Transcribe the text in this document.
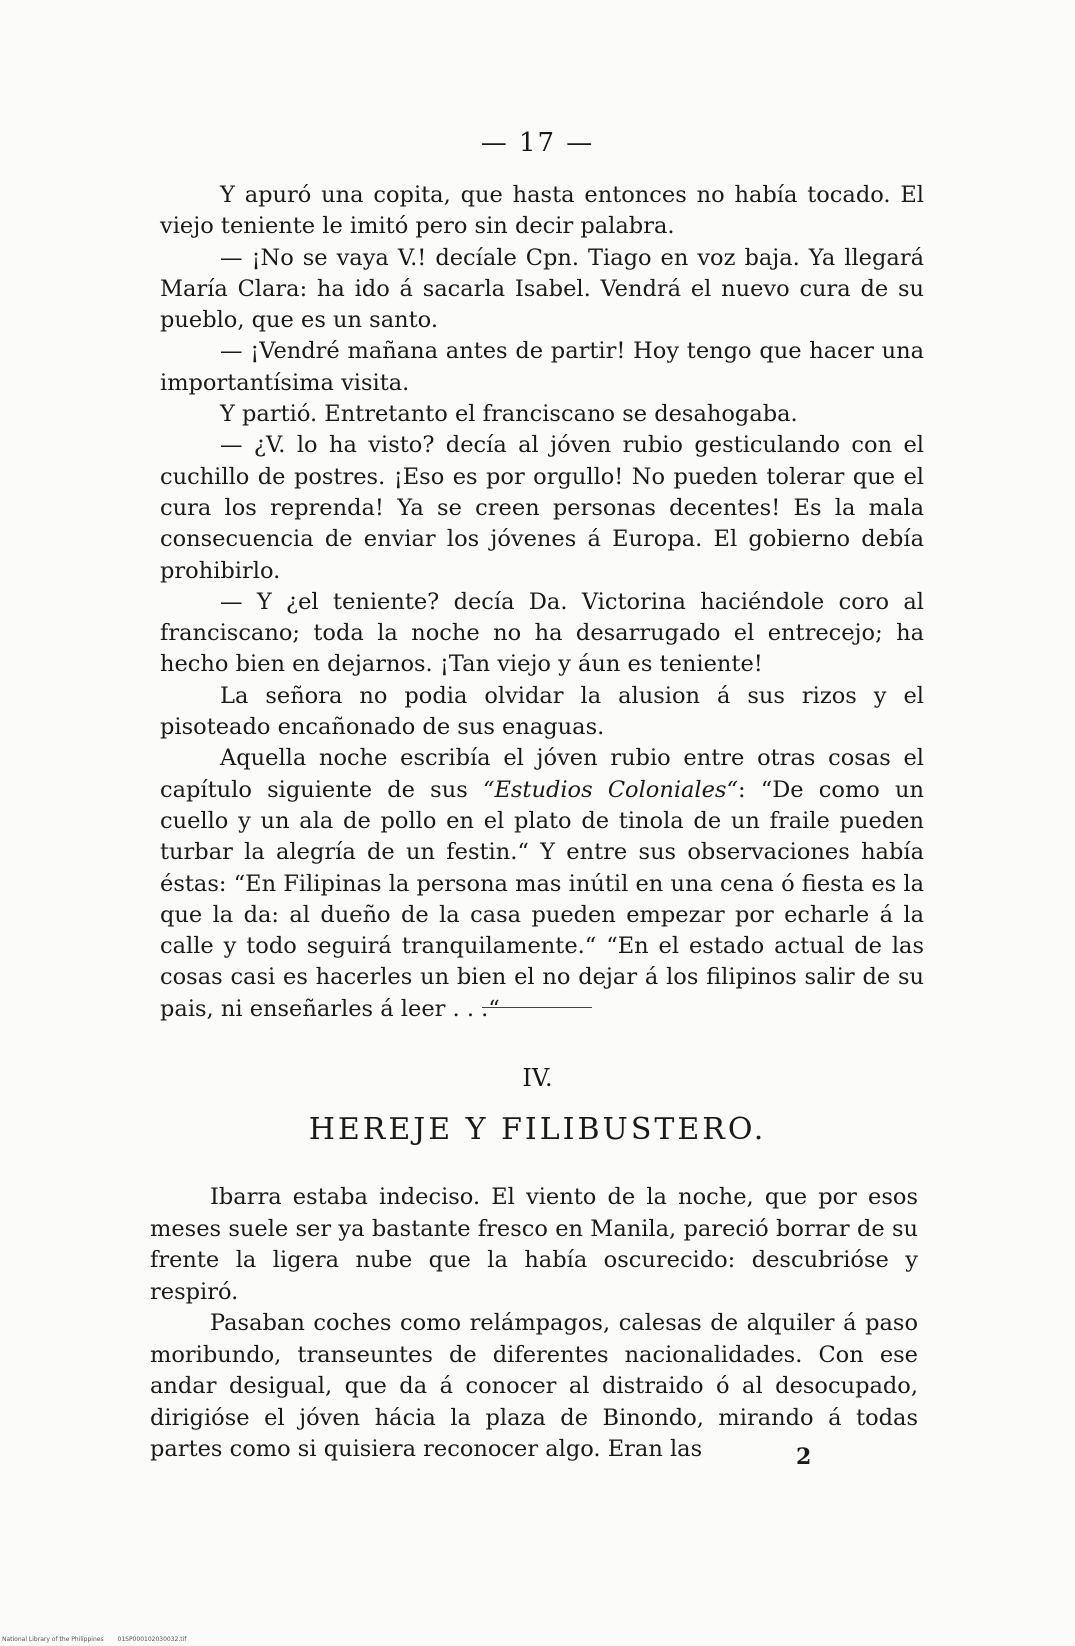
— 17 —

Y apuró una copita, que hasta entonces no había tocado. El viejo teniente le imitó pero sin decir palabra.

— ¡No se vaya V.! decíale Cpn. Tiago en voz baja. Ya llegará María Clara: ha ido á sacarla Isabel. Vendrá el nuevo cura de su pueblo, que es un santo.

— ¡Vendré mañana antes de partir! Hoy tengo que hacer una importantísima visita.

Y partió. Entretanto el franciscano se desahogaba.

— ¿V. lo ha visto? decía al jóven rubio gesticulando con el cuchillo de postres. ¡Eso es por orgullo! No pueden tolerar que el cura los reprenda! Ya se creen personas decentes! Es la mala consecuencia de enviar los jóvenes á Europa. El gobierno debía prohibirlo.

— Y ¿el teniente? decía Da. Victorina haciéndole coro al franciscano; toda la noche no ha desarrugado el entrecejo; ha hecho bien en dejarnos. ¡Tan viejo y áun es teniente!

La señora no podia olvidar la alusion á sus rizos y el pisoteado encañonado de sus enaguas.

Aquella noche escribía el jóven rubio entre otras cosas el capítulo siguiente de sus “Estudios Coloniales“: “De como un cuello y un ala de pollo en el plato de tinola de un fraile pueden turbar la alegría de un festin.“ Y entre sus observaciones había éstas: “En Filipinas la persona mas inútil en una cena ó fiesta es la que la da: al dueño de la casa pueden empezar por echarle á la calle y todo seguirá tranquilamente.“ “En el estado actual de las cosas casi es hacerles un bien el no dejar á los filipinos salir de su pais, ni enseñarles á leer . . .“

IV.
HEREJE Y FILIBUSTERO.

Ibarra estaba indeciso. El viento de la noche, que por esos meses suele ser ya bastante fresco en Manila, pareció borrar de su frente la ligera nube que la había oscurecido: descubrióse y respiró.

Pasaban coches como relámpagos, calesas de alquiler á paso moribundo, transeuntes de diferentes nacionalidades. Con ese andar desigual, que da á conocer al distraido ó al desocupado, dirigióse el jóven hácia la plaza de Binondo, mirando á todas partes como si quisiera reconocer algo. Eran las	2
National Library of the Philippines 01SP000102030032.tif
